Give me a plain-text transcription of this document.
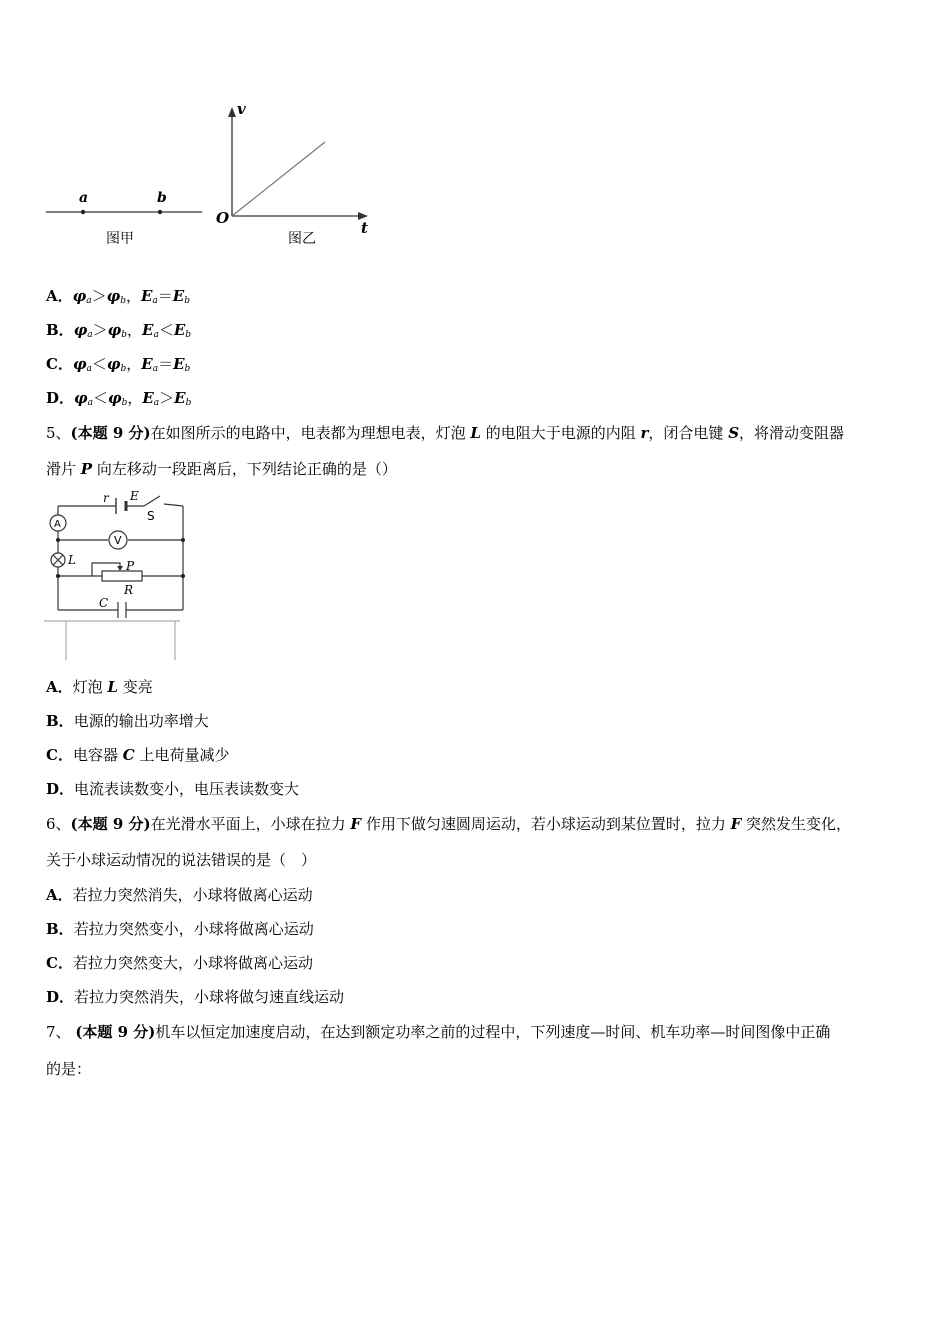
a	b
图甲
v
O
t
图乙
A．$\varphi_a>\varphi_b$，$E_a=E_b$
B．$\varphi_a>\varphi_b$，$E_a<E_b$
C．$\varphi_a<\varphi_b$，$E_a=E_b$
D．$\varphi_a<\varphi_b$，$E_a>E_b$
5、(本题 9 分)在如图所示的电路中，电表都为理想电表，灯泡 L 的电阻大于电源的内阻 r，闭合电键 S，将滑动变阻器
滑片 P 向左移动一段距离后，下列结论正确的是（）
r E
S
A
V
L	P
R
C
A．灯泡 L 变亮
B．电源的输出功率增大
C．电容器 C 上电荷量减少
D．电流表读数变小，电压表读数变大
6、(本题 9 分)在光滑水平面上，小球在拉力 F 作用下做匀速圆周运动，若小球运动到某位置时，拉力 F 突然发生变化，
关于小球运动情况的说法错误的是（　）
A．若拉力突然消失，小球将做离心运动
B．若拉力突然变小，小球将做离心运动
C．若拉力突然变大，小球将做离心运动
D．若拉力突然消失，小球将做匀速直线运动
7、 (本题 9 分)机车以恒定加速度启动，在达到额定功率之前的过程中，下列速度—时间、机车功率—时间图像中正确
的是：
